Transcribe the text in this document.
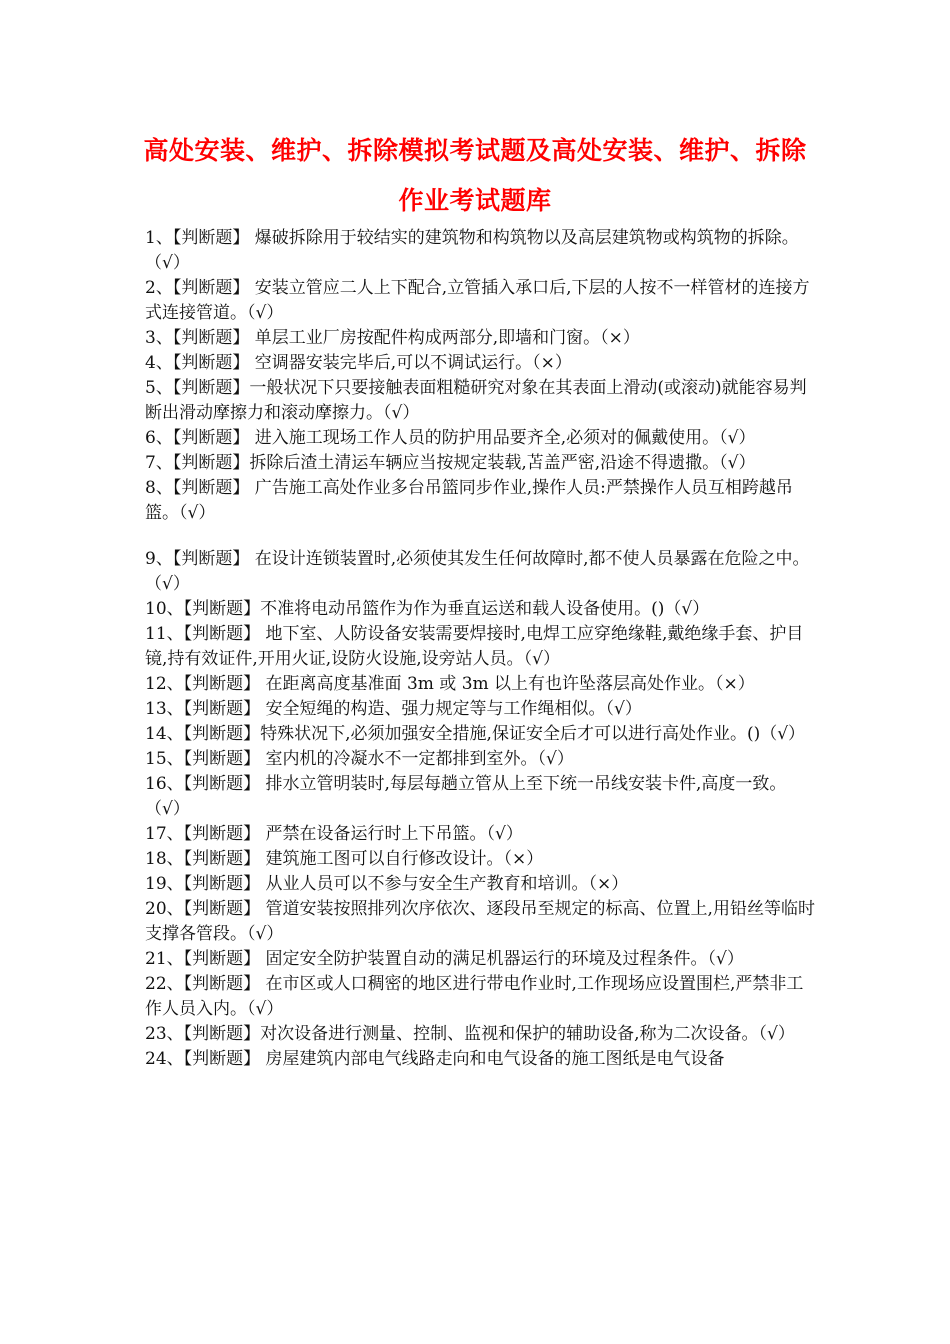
高处安装、维护、拆除模拟考试题及高处安装、维护、拆除作业考试题库
1、【判断题】 爆破拆除用于较结实的建筑物和构筑物以及高层建筑物或构筑物的拆除。（√）
2、【判断题】 安装立管应二人上下配合,立管插入承口后,下层的人按不一样管材的连接方式连接管道。（√）
3、【判断题】 单层工业厂房按配件构成两部分,即墙和门窗。（×）
4、【判断题】 空调器安装完毕后,可以不调试运行。（×）
5、【判断题】一般状况下只要接触表面粗糙研究对象在其表面上滑动(或滚动)就能容易判断出滑动摩擦力和滚动摩擦力。（√）
6、【判断题】 进入施工现场工作人员的防护用品要齐全,必须对的佩戴使用。（√）
7、【判断题】拆除后渣土清运车辆应当按规定装载,苫盖严密,沿途不得遗撒。（√）
8、【判断题】 广告施工高处作业多台吊篮同步作业,操作人员:严禁操作人员互相跨越吊篮。（√）
9、【判断题】 在设计连锁装置时,必须使其发生任何故障时,都不使人员暴露在危险之中。（√）
10、【判断题】不准将电动吊篮作为作为垂直运送和载人设备使用。()（√）
11、【判断题】 地下室、人防设备安装需要焊接时,电焊工应穿绝缘鞋,戴绝缘手套、护目镜,持有效证件,开用火证,设防火设施,设旁站人员。（√）
12、【判断题】 在距离高度基准面 3m 或 3m 以上有也许坠落层高处作业。（×）
13、【判断题】 安全短绳的构造、强力规定等与工作绳相似。（√）
14、【判断题】特殊状况下,必须加强安全措施,保证安全后才可以进行高处作业。()（√）
15、【判断题】 室内机的冷凝水不一定都排到室外。（√）
16、【判断题】 排水立管明装时,每层每趟立管从上至下统一吊线安装卡件,高度一致。（√）
17、【判断题】 严禁在设备运行时上下吊篮。（√）
18、【判断题】 建筑施工图可以自行修改设计。（×）
19、【判断题】 从业人员可以不参与安全生产教育和培训。（×）
20、【判断题】 管道安装按照排列次序依次、逐段吊至规定的标高、位置上,用铅丝等临时支撑各管段。（√）
21、【判断题】 固定安全防护装置自动的满足机器运行的环境及过程条件。（√）
22、【判断题】 在市区或人口稠密的地区进行带电作业时,工作现场应设置围栏,严禁非工作人员入内。（√）
23、【判断题】对次设备进行测量、控制、监视和保护的辅助设备,称为二次设备。（√）
24、【判断题】 房屋建筑内部电气线路走向和电气设备的施工图纸是电气设备
